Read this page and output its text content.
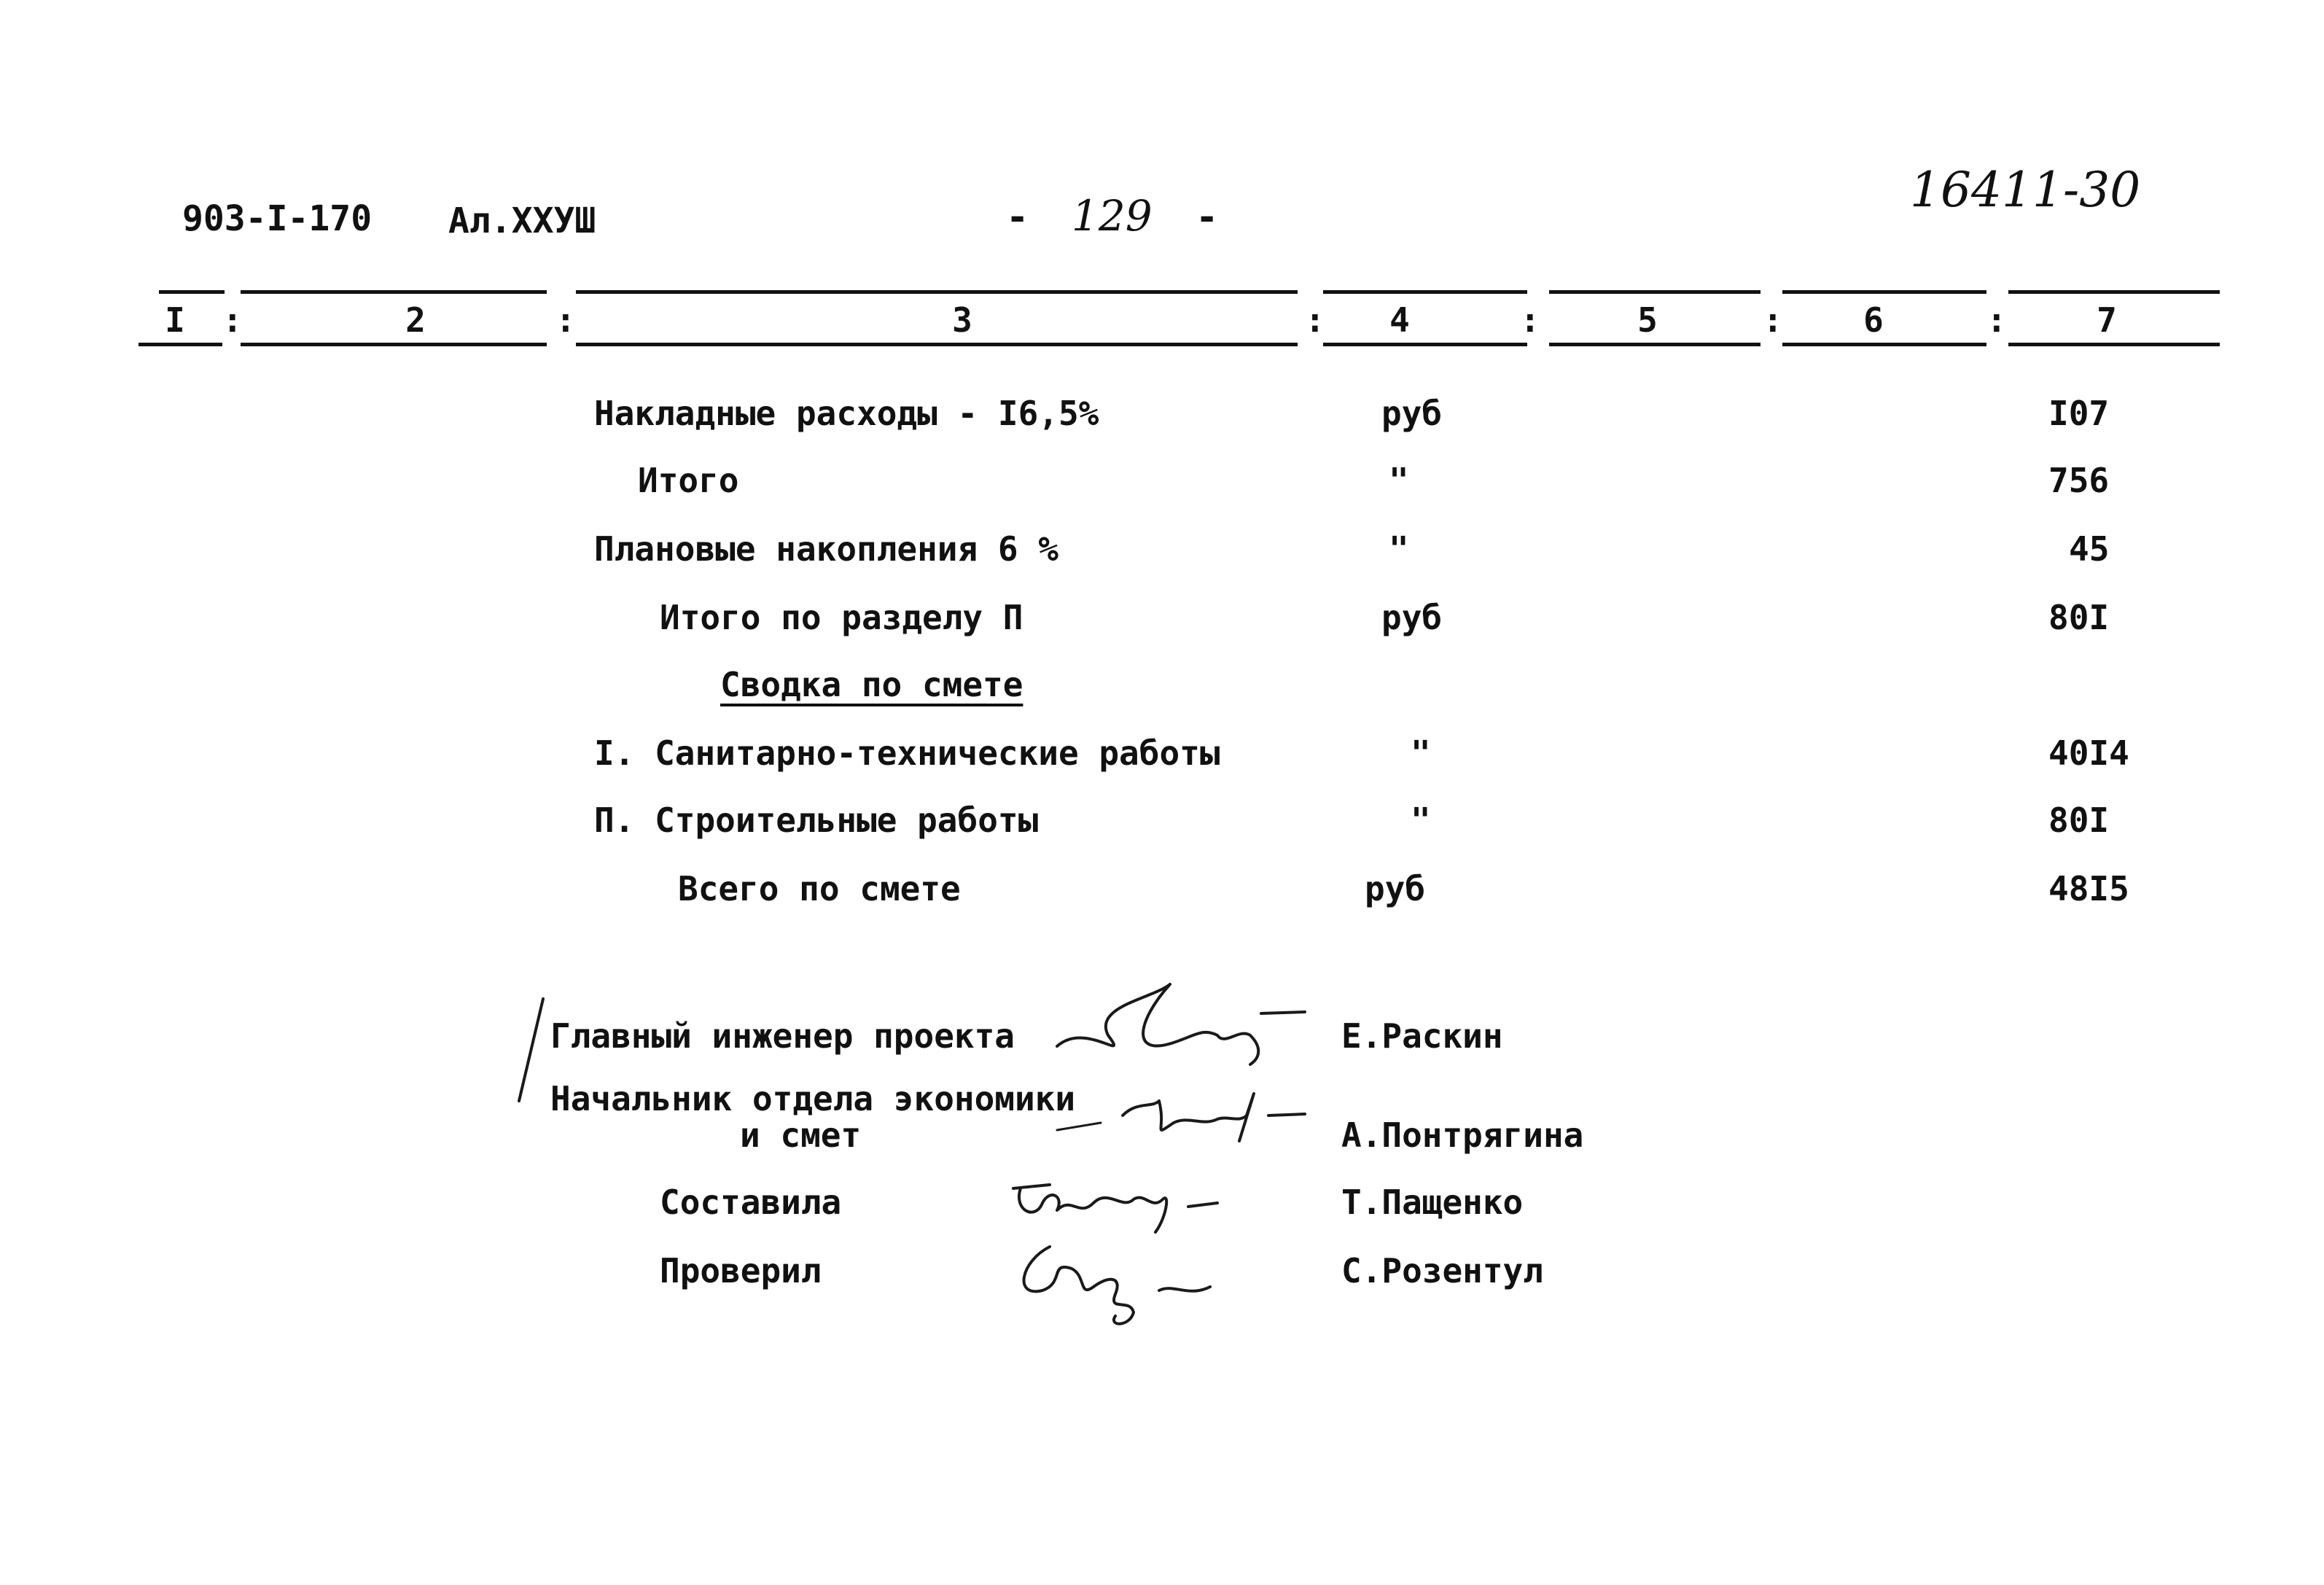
903-I-170 Ал.XXУШ	- 129 -	16411-30
I	:	2	:	3	:	4	:	5	:	6	:	7
Накладные расходы - I6,5%	руб	I07
Итого	"	756
Плановые накопления 6 %	"	45
Итого по разделу П	руб	80I
Сводка по смете
I. Санитарно-технические работы	"	40I4
П. Строительные работы	"	80I
Всего по смете	руб	48I5
Главный инженер проекта	Е.Раскин
Начальник отдела экономики
и смет	А.Понтрягина
Составила	Т.Пащенко
Проверил	С.Розентул
